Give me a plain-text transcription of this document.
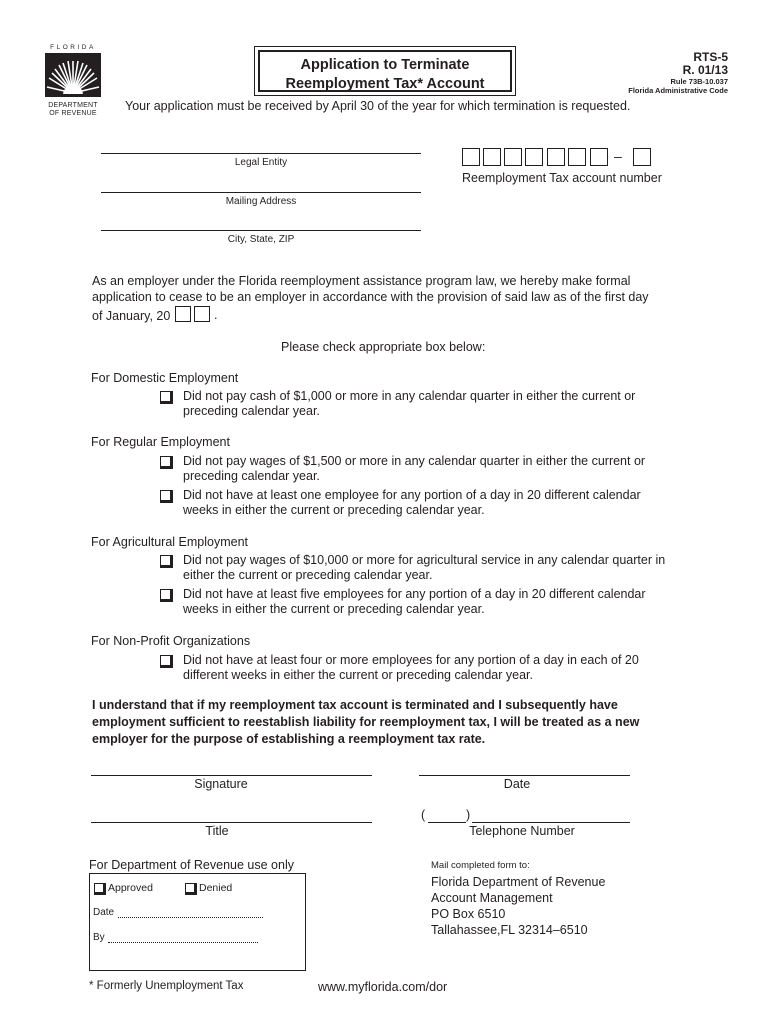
FLORIDA
DEPARTMENT
OF REVENUE
Application to Terminate
Reemployment Tax* Account
RTS-5
R. 01/13
Rule 73B-10.037
Florida Administrative Code
Your application must be received by April 30 of the year for which termination is requested.
Legal Entity
Mailing Address
City, State, ZIP
–
Reemployment Tax account number
As an employer under the Florida reemployment assistance program law, we hereby make formal
application to cease to be an employer in accordance with the provision of said law as of the first day
of January, 20	.
Please check appropriate box below:
For Domestic Employment
Did not pay cash of $1,000 or more in any calendar quarter in either the current or
preceding calendar year.
For Regular Employment
Did not pay wages of $1,500 or more in any calendar quarter in either the current or
preceding calendar year.
Did not have at least one employee for any portion of a day in 20 different calendar
weeks in either the current or preceding calendar year.
For Agricultural Employment
Did not pay wages of $10,000 or more for agricultural service in any calendar quarter in
either the current or preceding calendar year.
Did not have at least five employees for any portion of a day in 20 different calendar
weeks in either the current or preceding calendar year.
For Non-Profit Organizations
Did not have at least four or more employees for any portion of a day in each of 20
different weeks in either the current or preceding calendar year.
I understand that if my reemployment tax account is terminated and I subsequently have
employment sufficient to reestablish liability for reemployment tax, I will be treated as a new
employer for the purpose of establishing a reemployment tax rate.
Signature	Date
Title
(	)
Telephone Number
For Department of Revenue use only
Approved	Denied
Date
By
Mail completed form to:
Florida Department of Revenue
Account Management
PO Box 6510
Tallahassee,FL 32314–6510
* Formerly Unemployment Tax	www.myflorida.com/dor
